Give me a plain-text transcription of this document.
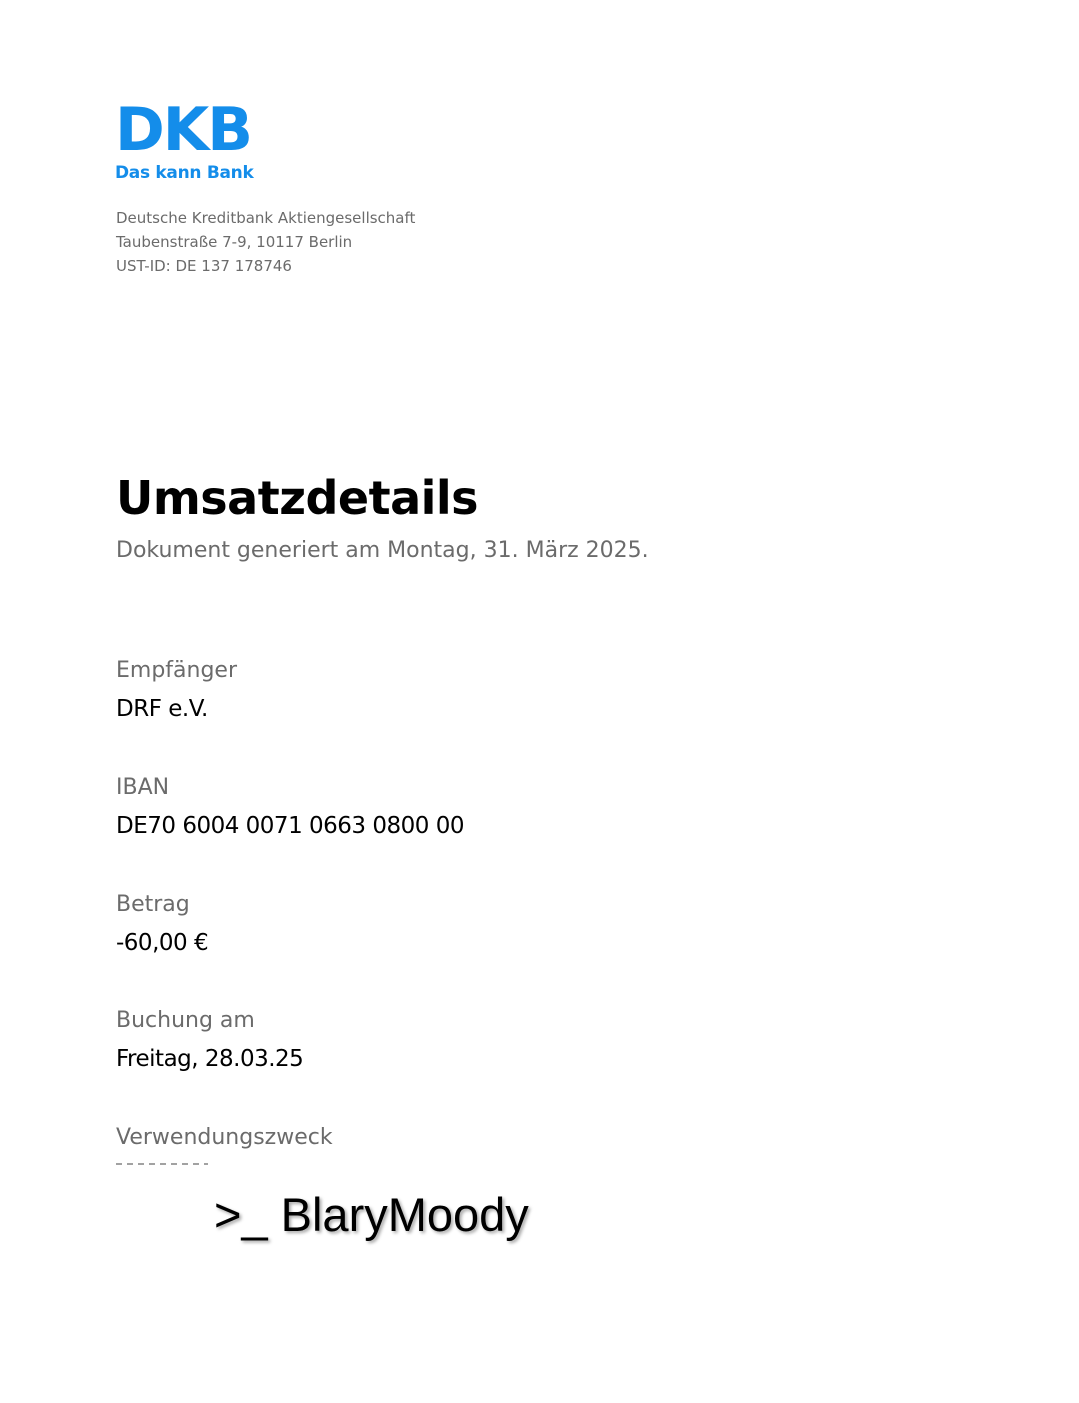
DKB
Das kann Bank
Deutsche Kreditbank Aktiengesellschaft
Taubenstraße 7-9, 10117 Berlin
UST-ID: DE 137 178746
Umsatzdetails
Dokument generiert am Montag, 31. März 2025.
Empfänger
DRF e.V.
IBAN
DE70 6004 0071 0663 0800 00
Betrag
-60,00 €
Buchung am
Freitag, 28.03.25
Verwendungszweck
>_ BlaryMoody
